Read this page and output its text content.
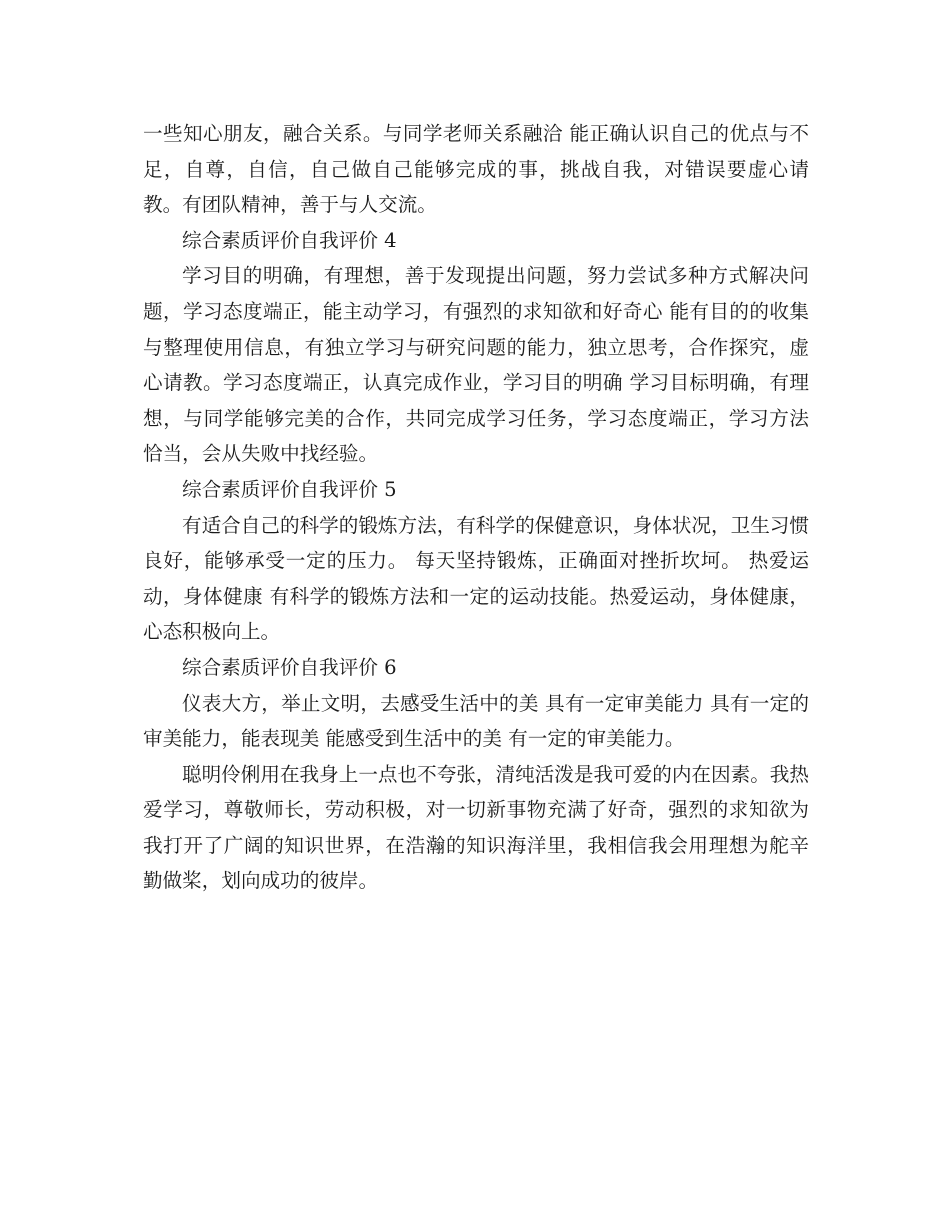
一些知心朋友，融合关系。与同学老师关系融洽 能正确认识自己的优点与不足，自尊，自信，自己做自己能够完成的事，挑战自我，对错误要虚心请教。有团队精神，善于与人交流。

综合素质评价自我评价 4

学习目的明确，有理想，善于发现提出问题，努力尝试多种方式解决问题，学习态度端正，能主动学习，有强烈的求知欲和好奇心 能有目的的收集与整理使用信息，有独立学习与研究问题的能力，独立思考，合作探究，虚心请教。学习态度端正，认真完成作业，学习目的明确 学习目标明确，有理想，与同学能够完美的合作，共同完成学习任务，学习态度端正，学习方法恰当，会从失败中找经验。

综合素质评价自我评价 5

有适合自己的科学的锻炼方法，有科学的保健意识，身体状况，卫生习惯良好，能够承受一定的压力。 每天坚持锻炼，正确面对挫折坎坷。 热爱运动，身体健康 有科学的锻炼方法和一定的运动技能。热爱运动，身体健康，心态积极向上。

综合素质评价自我评价 6

仪表大方，举止文明，去感受生活中的美 具有一定审美能力 具有一定的审美能力，能表现美 能感受到生活中的美 有一定的审美能力。

聪明伶俐用在我身上一点也不夸张，清纯活泼是我可爱的内在因素。我热爱学习，尊敬师长，劳动积极，对一切新事物充满了好奇，强烈的求知欲为我打开了广阔的知识世界，在浩瀚的知识海洋里，我相信我会用理想为舵辛勤做桨，划向成功的彼岸。
